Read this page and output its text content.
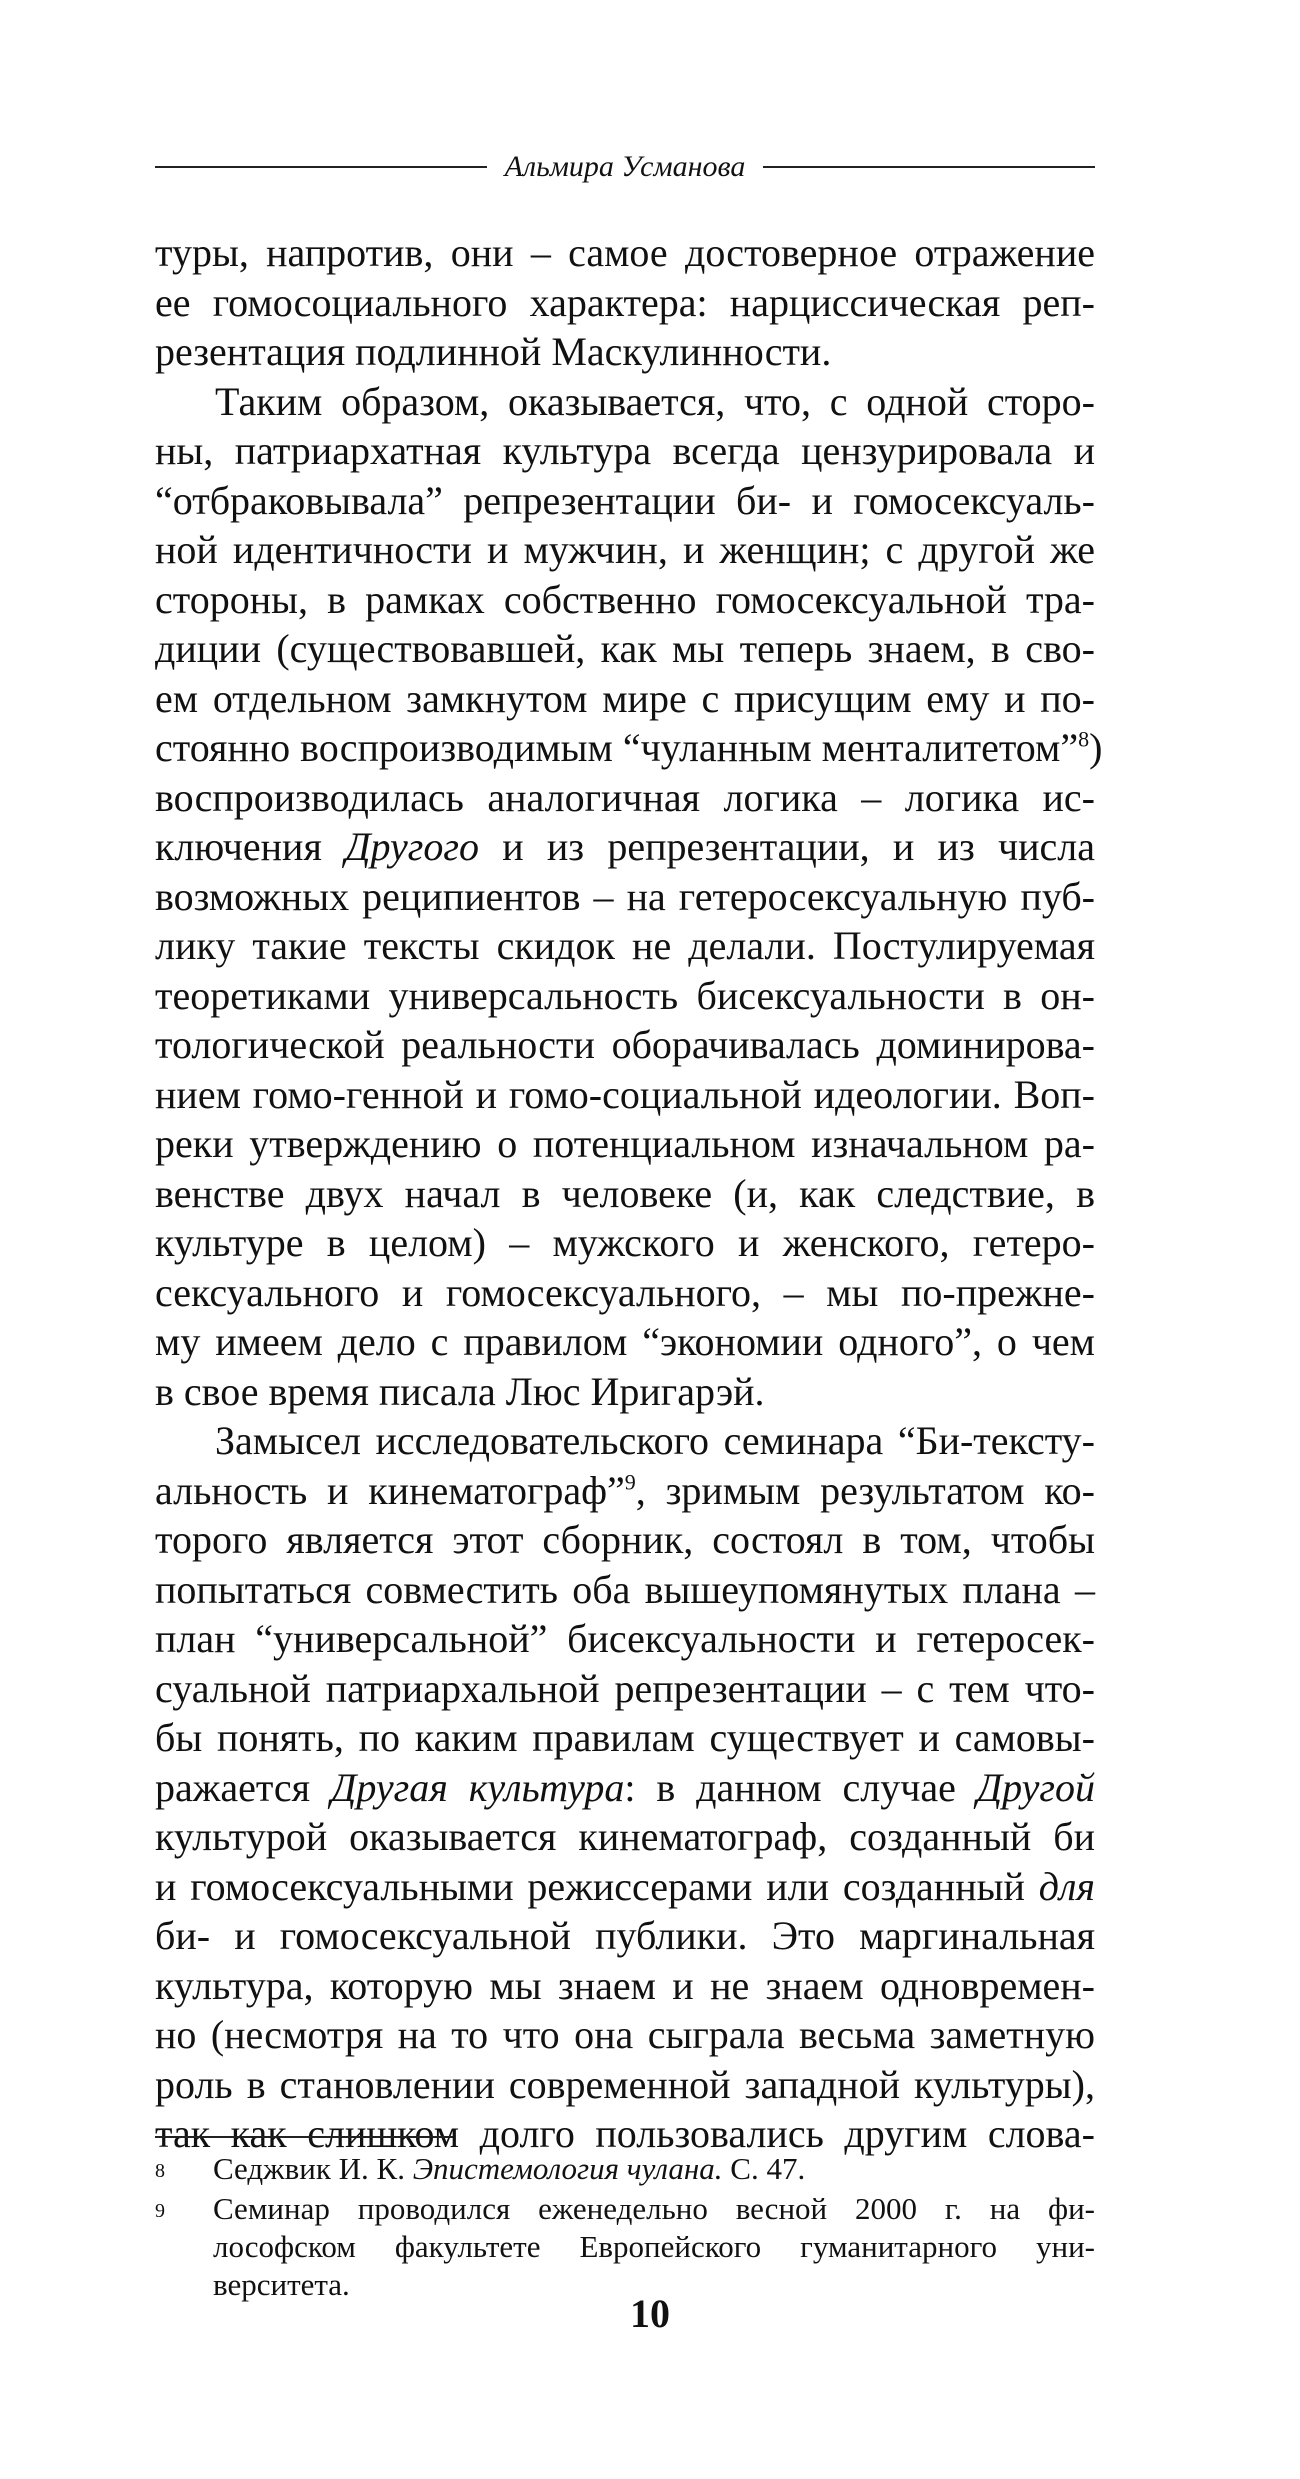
Альмира Усманова
туры, напротив, они – самое достоверное отражение
ее гомосоциального характера: нарциссическая реп-
резентация подлинной Маскулинности.
Таким образом, оказывается, что, с одной сторо-
ны, патриархатная культура всегда цензурировала и
“отбраковывала” репрезентации би- и гомосексуаль-
ной идентичности и мужчин, и женщин; с другой же
стороны, в рамках собственно гомосексуальной тра-
диции (существовавшей, как мы теперь знаем, в сво-
ем отдельном замкнутом мире с присущим ему и по-
стоянно воспроизводимым “чуланным менталитетом”$^8$)
воспроизводилась аналогичная логика – логика ис-
ключения Другого и из репрезентации, и из числа
возможных реципиентов – на гетеросексуальную пуб-
лику такие тексты скидок не делали. Постулируемая
теоретиками универсальность бисексуальности в он-
тологической реальности оборачивалась доминирова-
нием гомо-генной и гомо-социальной идеологии. Воп-
реки утверждению о потенциальном изначальном ра-
венстве двух начал в человеке (и, как следствие, в
культуре в целом) – мужского и женского, гетеро-
сексуального и гомосексуального, – мы по-прежне-
му имеем дело с правилом “экономии одного”, о чем
в свое время писала Люс Иригарэй.
Замысел исследовательского семинара “Би-тексту-
альность и кинематограф”$^9$, зримым результатом ко-
торого является этот сборник, состоял в том, чтобы
попытаться совместить оба вышеупомянутых плана –
план “универсальной” бисексуальности и гетеросек-
суальной патриархальной репрезентации – с тем что-
бы понять, по каким правилам существует и самовы-
ражается Другая культура: в данном случае Другой
культурой оказывается кинематограф, созданный би
и гомосексуальными режиссерами или созданный для
би- и гомосексуальной публики. Это маргинальная
культура, которую мы знаем и не знаем одновремен-
но (несмотря на то что она сыграла весьма заметную
роль в становлении современной западной культуры),
так как слишком долго пользовались другим слова-
8	Седжвик И. К. Эпистемология чулана. С. 47.
9	Семинар проводился еженедельно весной 2000 г. на фи-
лософском факультете Европейского гуманитарного уни-
верситета.
10
